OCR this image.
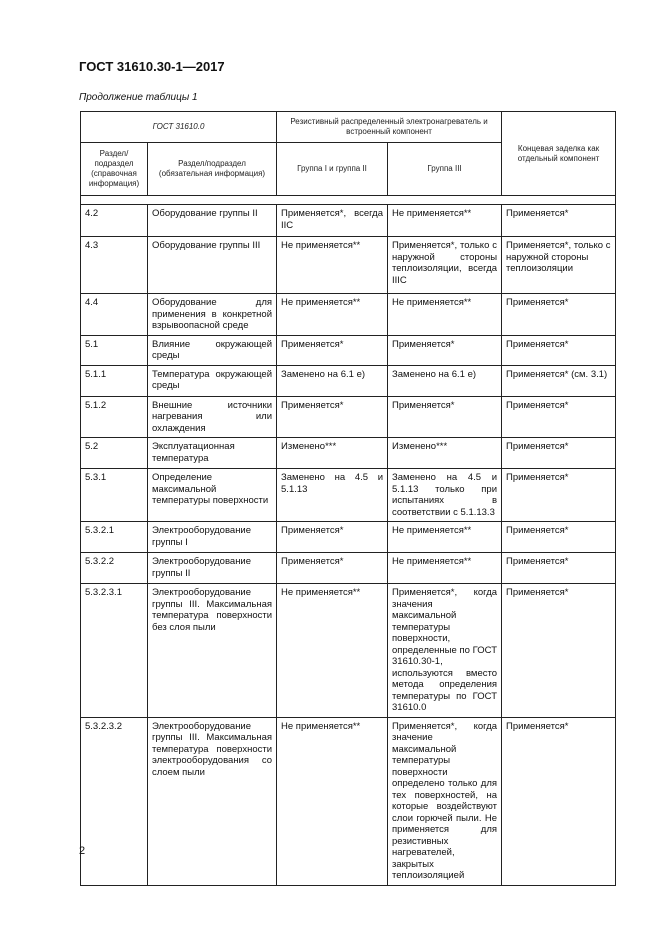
ГОСТ 31610.30-1—2017
Продолжение таблицы 1
ГОСТ 31610.0		Резистивный распределенный электронагреватель и встроенный компонент		Концевая заделка как отдельный компонент
Раздел/ подраздел (справочная информация)	Раздел/подраздел (обязательная информация)	Группа I и группа II	Группа III	

4.2	Оборудование группы II	Применяется*, всегда IIC	Не применяется**	Применяется*
4.3	Оборудование группы III	Не применяется**	Применяется*, только с наружной стороны теплоизоляции, всегда IIIC	Применяется*, только с наружной стороны теплоизоляции
4.4	Оборудование для применения в конкретной взрывоопасной среде	Не применяется**	Не применяется**	Применяется*
5.1	Влияние окружающей среды	Применяется*	Применяется*	Применяется*
5.1.1	Температура окружающей среды	Заменено на 6.1 е)	Заменено на 6.1 е)	Применяется* (см. 3.1)
5.1.2	Внешние источники нагревания или охлаждения	Применяется*	Применяется*	Применяется*
5.2	Эксплуатационная температура	Изменено***	Изменено***	Применяется*
5.3.1	Определение максимальной температуры поверхности	Заменено на 4.5 и 5.1.13	Заменено на 4.5 и 5.1.13 только при испытаниях в соответствии с 5.1.13.3	Применяется*
5.3.2.1	Электрооборудование группы I	Применяется*	Не применяется**	Применяется*
5.3.2.2	Электрооборудование группы II	Применяется*	Не применяется**	Применяется*
5.3.2.3.1	Электрооборудование группы III. Максимальная температура поверхности без слоя пыли	Не применяется**	Применяется*, когда значения максимальной температуры поверхности, определенные по ГОСТ 31610.30-1, используются вместо метода определения температуры по ГОСТ 31610.0	Применяется*
5.3.2.3.2	Электрооборудование группы III. Максимальная температура поверхности электрооборудования со слоем пыли	Не применяется**	Применяется*, когда значение максимальной температуры поверхности определено только для тех поверхностей, на которые воздействуют слои горючей пыли. Не применяется для резистивных нагревателей, закрытых теплоизоляцией	Применяется*
2
